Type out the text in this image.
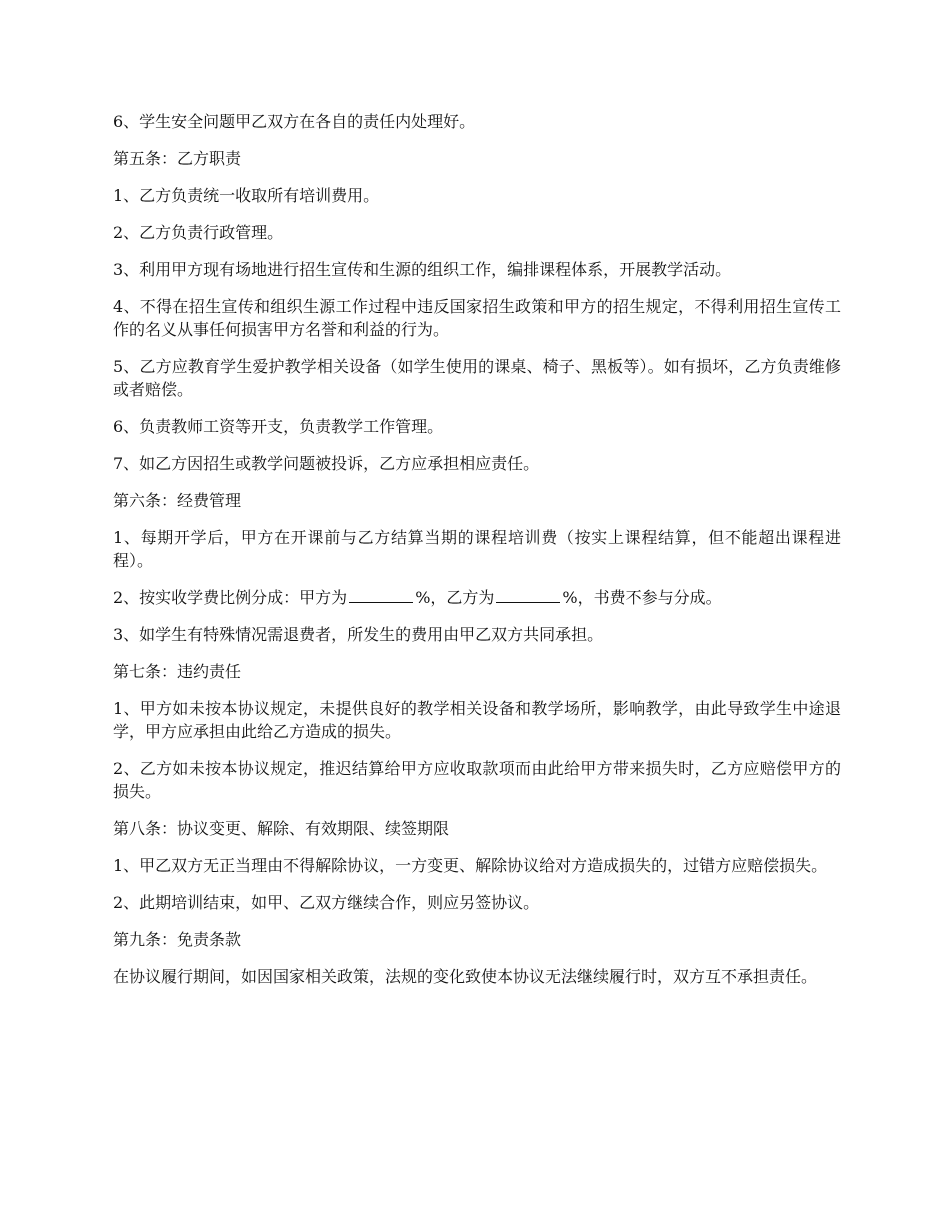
6、学生安全问题甲乙双方在各自的责任内处理好。

第五条：乙方职责

1、乙方负责统一收取所有培训费用。

2、乙方负责行政管理。

3、利用甲方现有场地进行招生宣传和生源的组织工作，编排课程体系，开展教学活动。

4、不得在招生宣传和组织生源工作过程中违反国家招生政策和甲方的招生规定，不得利用招生宣传工作的名义从事任何损害甲方名誉和利益的行为。

5、乙方应教育学生爱护教学相关设备（如学生使用的课桌、椅子、黑板等）。如有损坏，乙方负责维修或者赔偿。

6、负责教师工资等开支，负责教学工作管理。

7、如乙方因招生或教学问题被投诉，乙方应承担相应责任。

第六条：经费管理

1、每期开学后，甲方在开课前与乙方结算当期的课程培训费（按实上课程结算，但不能超出课程进程）。

2、按实收学费比例分成：甲方为	%，乙方为	%，书费不参与分成。

3、如学生有特殊情况需退费者，所发生的费用由甲乙双方共同承担。

第七条：违约责任

1、甲方如未按本协议规定，未提供良好的教学相关设备和教学场所，影响教学，由此导致学生中途退学，甲方应承担由此给乙方造成的损失。

2、乙方如未按本协议规定，推迟结算给甲方应收取款项而由此给甲方带来损失时，乙方应赔偿甲方的损失。

第八条：协议变更、解除、有效期限、续签期限

1、甲乙双方无正当理由不得解除协议，一方变更、解除协议给对方造成损失的，过错方应赔偿损失。

2、此期培训结束，如甲、乙双方继续合作，则应另签协议。

第九条：免责条款

在协议履行期间，如因国家相关政策，法规的变化致使本协议无法继续履行时，双方互不承担责任。
